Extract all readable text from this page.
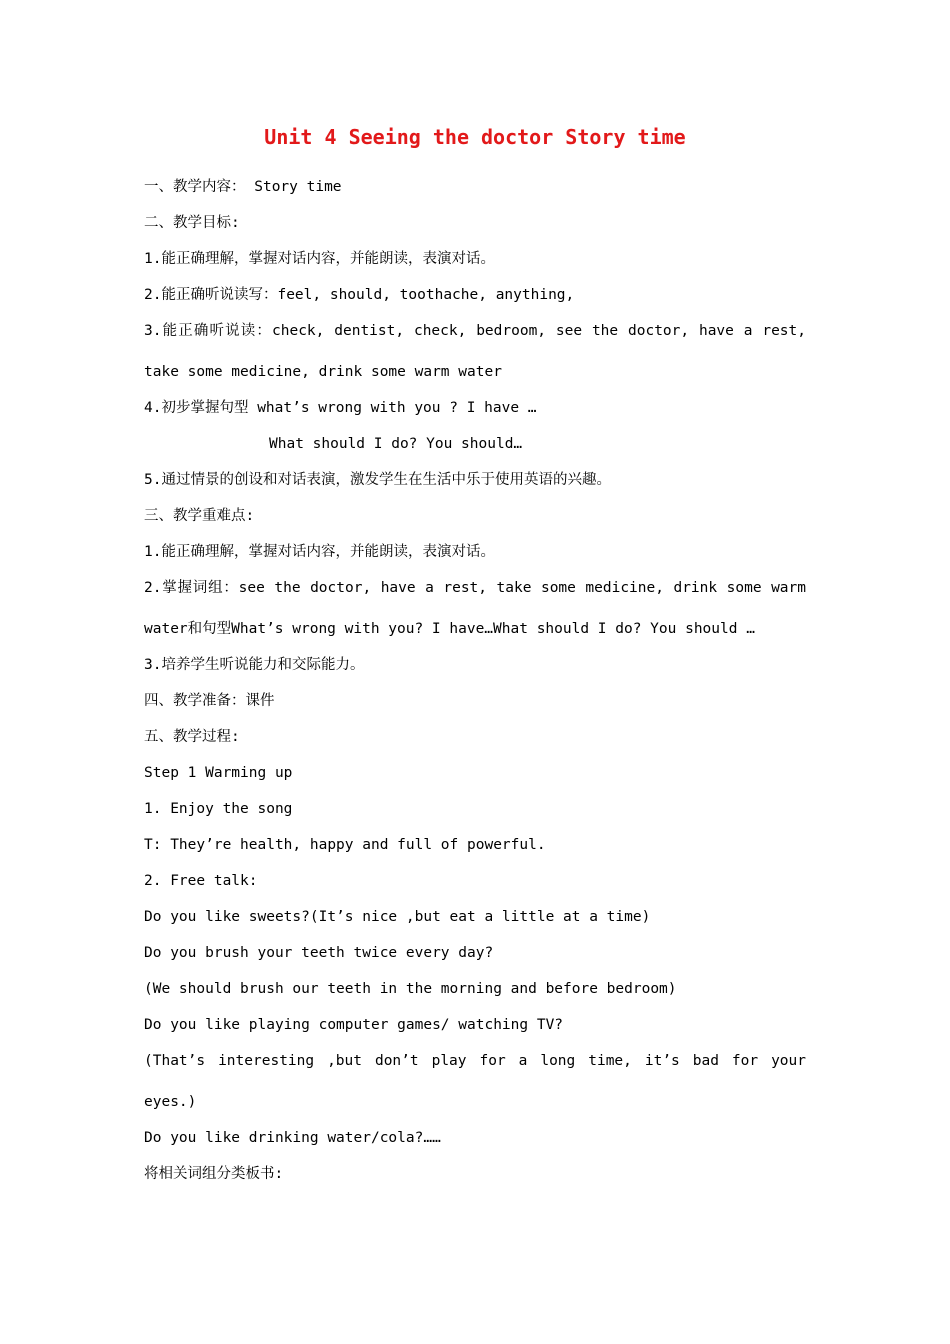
Unit 4 Seeing the doctor Story time
一、教学内容： Story time
二、教学目标:
1.能正确理解，掌握对话内容，并能朗读，表演对话。
2.能正确听说读写：feel, should, toothache, anything,
3.能正确听说读：check, dentist, check, bedroom, see the doctor, have a rest,
take some medicine, drink some warm water
4.初步掌握句型 what’s wrong with you ? I have …
What should I do? You should…
5.通过情景的创设和对话表演，激发学生在生活中乐于使用英语的兴趣。
三、教学重难点:
1.能正确理解，掌握对话内容，并能朗读，表演对话。
2.掌握词组：see the doctor, have a rest, take some medicine, drink some warm
water和句型What’s wrong with you? I have…What should I do? You should …
3.培养学生听说能力和交际能力。
四、教学准备：课件
五、教学过程:
Step 1 Warming up
1. Enjoy the song
T: They’re health, happy and full of powerful.
2. Free talk:
Do you like sweets?(It’s nice ,but eat a little at a time)
Do you brush your teeth twice every day?
(We should brush our teeth in the morning and before bedroom)
Do you like playing computer games/ watching TV?
(That’s interesting ,but don’t play for a long time, it’s bad for your
eyes.)
Do you like drinking water/cola?……
将相关词组分类板书:
